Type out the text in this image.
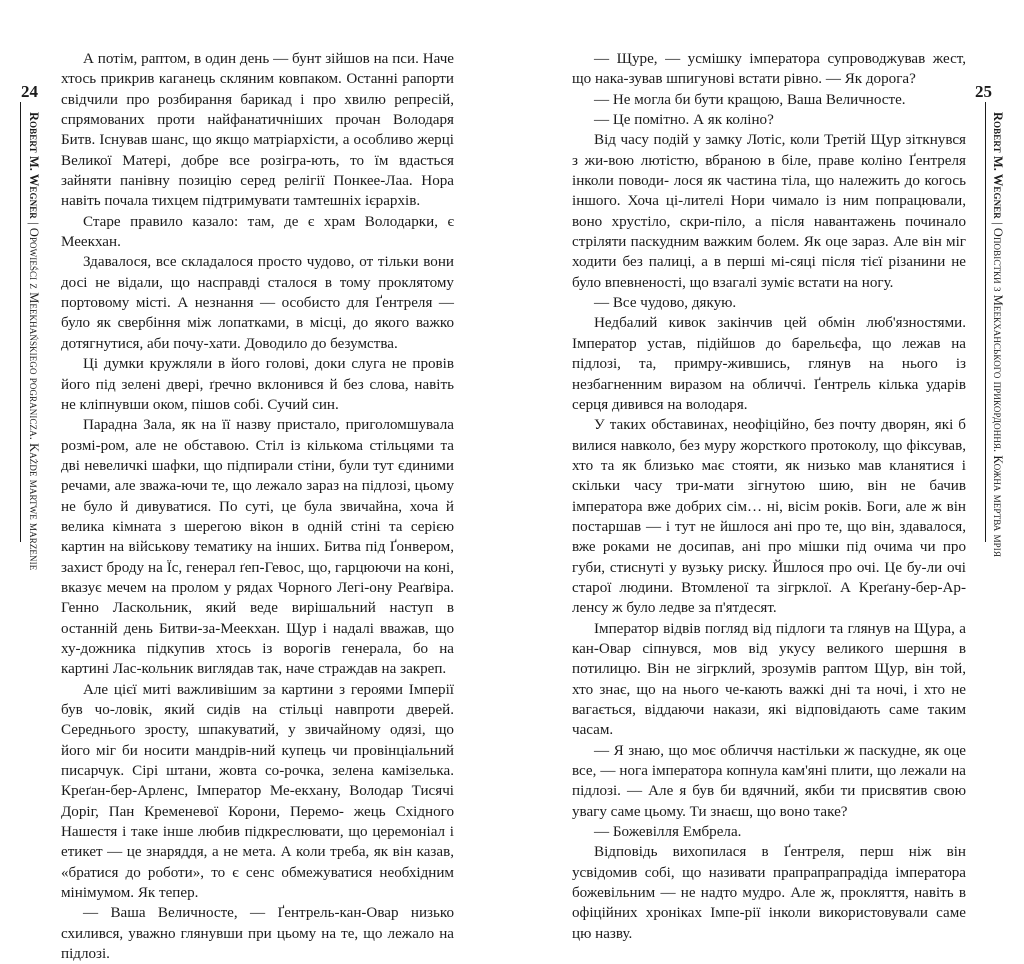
24
Robert M. Wegner | Opowieści z Meekhańskiego pogranicza. Każde martwe marzenie

А потім, раптом, в один день — бунт зійшов на пси. Наче хтось прикрив каганець скляним ковпаком. Останні рапорти свідчили про розбирання барикад і про хвилю репресій, спрямованих проти найфанатичніших прочан Володаря Битв. Існував шанс, що якщо матріархісти, а особливо жерці Великої Матері, добре все розігра-ють, то їм вдасться зайняти панівну позицію серед релігії Понкее-Лаа. Нора навіть почала тихцем підтримувати тамтешніх ієрархів.

Старе правило казало: там, де є храм Володарки, є Меекхан.

Здавалося, все складалося просто чудово, от тільки вони досі не відали, що насправді сталося в тому проклятому портовому місті. А незнання — особисто для Ґентреля — було як свербіння між лопатками, в місці, до якого важко дотягнутися, аби почу-хати. Доводило до безумства.

Ці думки кружляли в його голові, доки слуга не провів його під зелені двері, ґречно вклонився й без слова, навіть не кліпнувши оком, пішов собі. Сучий син.

Парадна Зала, як на її назву пристало, приголомшувала розмі-ром, але не обставою. Стіл із кількома стільцями та дві невеличкі шафки, що підпирали стіни, були тут єдиними речами, але зважа-ючи те, що лежало зараз на підлозі, цьому не було й дивуватися. По суті, це була звичайна, хоча й велика кімната з шерегою вікон в одній стіні та серією картин на військову тематику на інших. Битва під Ґонвером, захист броду на Їс, генерал ґеп-Гевос, що, гарцюючи на коні, вказує мечем на пролом у рядах Чорного Легі-ону Реаґвіра. Генно Ласкольник, який веде вирішальний наступ в останній день Битви-за-Меекхан. Щур і надалі вважав, що ху-дожника підкупив хтось із ворогів генерала, бо на картині Лас-кольник виглядав так, наче страждав на закреп.

Але цієї миті важливішим за картини з героями Імперії був чо-ловік, який сидів на стільці навпроти дверей. Середнього зросту, шпакуватий, у звичайному одязі, що його міг би носити мандрів-ний купець чи провінціальний писарчук. Сірі штани, жовта со-рочка, зелена камізелька. Креґан-бер-Арленс, Імператор Ме-екхану, Володар Тисячі Доріг, Пан Кременевої Корони, Перемо- жець Східного Нашестя і таке інше любив підкреслювати, що церемоніал і етикет — це знаряддя, а не мета. А коли треба, як він казав, «братися до роботи», то є сенс обмежуватися необхідним мінімумом. Як тепер.

— Ваша Величносте, — Ґентрель-кан-Овар низько схилився, уважно глянувши при цьому на те, що лежало на підлозі.

25
Robert M. Wegner | Оповістки з Меекханського прикордоння. Кожна мертва мрія

— Щуре, — усмішку імператора супроводжував жест, що нака-зував шпигунові встати рівно. — Як дорога?

— Не могла би бути кращою, Ваша Величносте.

— Це помітно. А як коліно?

Від часу подій у замку Лотіс, коли Третій Щур зіткнувся з жи-вою лютістю, вбраною в біле, праве коліно Ґентреля інколи поводи- лося як частина тіла, що належить до когось іншого. Хоча ці-лителі Нори чимало із ним попрацювали, воно хрустіло, скри-піло, а після навантажень починало стріляти паскудним важким болем. Як оце зараз. Але він міг ходити без палиці, а в перші мі-сяці після тієї різанини не було впевненості, що взагалі зуміє встати на ногу.

— Все чудово, дякую.

Недбалий кивок закінчив цей обмін люб'язностями. Імператор устав, підійшов до барельєфа, що лежав на підлозі, та, примру-жившись, глянув на нього із незбагненним виразом на обличчі. Ґентрель кілька ударів серця дивився на володаря.

У таких обставинах, неофіційно, без почту дворян, які б вилися навколо, без муру жорсткого протоколу, що фіксував, хто та як близько має стояти, як низько мав кланятися і скільки часу три-мати зігнутою шию, він не бачив імператора вже добрих сім… ні, вісім років. Боги, але ж він постаршав — і тут не йшлося ані про те, що він, здавалося, вже роками не досипав, ані про мішки під очима чи про губи, стиснуті у вузьку риску. Йшлося про очі. Це бу-ли очі старої людини. Втомленої та зігрклої. А Креґану-бер-Ар-ленсу ж було ледве за п'ятдесят.

Імператор відвів погляд від підлоги та глянув на Щура, а кан-Овар сіпнувся, мов від укусу великого шершня в потилицю. Він не зігрклий, зрозумів раптом Щур, він той, хто знає, що на нього че-кають важкі дні та ночі, і хто не вагається, віддаючи накази, які відповідають саме таким часам.

— Я знаю, що моє обличчя настільки ж паскудне, як оце все, — нога імператора копнула кам'яні плити, що лежали на підлозі. — Але я був би вдячний, якби ти присвятив свою увагу саме цьому. Ти знаєш, що воно таке?

— Божевілля Ембрела.

Відповідь вихопилася в Ґентреля, перш ніж він усвідомив собі, що називати прапрапрапрадіда імператора божевільним — не надто мудро. Але ж, прокляття, навіть в офіційних хроніках Імпе-рії інколи використовували саме цю назву.
